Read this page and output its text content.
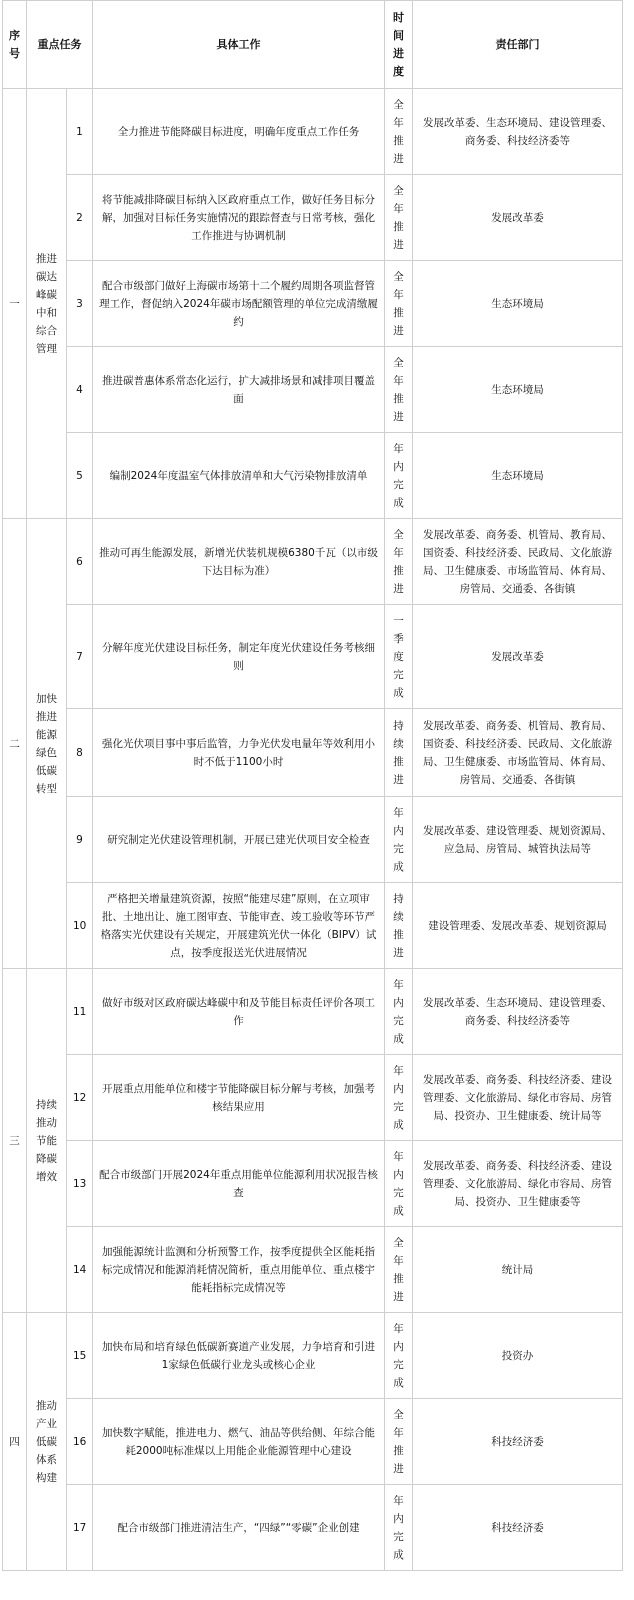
序号	重点任务		具体工作	时间进度	责任部门
一	推进碳达峰碳中和综合管理	1	全力推进节能降碳目标进度，明确年度重点工作任务	全年推进	发展改革委、生态环境局、建设管理委、商务委、科技经济委等
		2	将节能减排降碳目标纳入区政府重点工作，做好任务目标分解，加强对目标任务实施情况的跟踪督查与日常考核，强化工作推进与协调机制	全年推进	发展改革委
		3	配合市级部门做好上海碳市场第十二个履约周期各项监督管理工作，督促纳入2024年碳市场配额管理的单位完成清缴履约	全年推进	生态环境局
		4	推进碳普惠体系常态化运行，扩大减排场景和减排项目覆盖面	全年推进	生态环境局
		5	编制2024年度温室气体排放清单和大气污染物排放清单	年内完成	生态环境局
二	加快推进能源绿色低碳转型	6	推动可再生能源发展，新增光伏装机规模6380千瓦（以市级下达目标为准）	全年推进	发展改革委、商务委、机管局、教育局、国资委、科技经济委、民政局、文化旅游局、卫生健康委、市场监管局、体育局、房管局、交通委、各街镇
		7	分解年度光伏建设目标任务，制定年度光伏建设任务考核细则	一季度完成	发展改革委
		8	强化光伏项目事中事后监管，力争光伏发电量年等效利用小时不低于1100小时	持续推进	发展改革委、商务委、机管局、教育局、国资委、科技经济委、民政局、文化旅游局、卫生健康委、市场监管局、体育局、房管局、交通委、各街镇
		9	研究制定光伏建设管理机制，开展已建光伏项目安全检查	年内完成	发展改革委、建设管理委、规划资源局、应急局、房管局、城管执法局等
		10	严格把关增量建筑资源，按照“能建尽建”原则，在立项审批、土地出让、施工图审查、节能审查、竣工验收等环节严格落实光伏建设有关规定，开展建筑光伏一体化（BIPV）试点，按季度报送光伏进展情况	持续推进	建设管理委、发展改革委、规划资源局
三	持续推动节能降碳增效	11	做好市级对区政府碳达峰碳中和及节能目标责任评价各项工作	年内完成	发展改革委、生态环境局、建设管理委、商务委、科技经济委等
		12	开展重点用能单位和楼宇节能降碳目标分解与考核，加强考核结果应用	年内完成	发展改革委、商务委、科技经济委、建设管理委、文化旅游局、绿化市容局、房管局、投资办、卫生健康委、统计局等
		13	配合市级部门开展2024年重点用能单位能源利用状况报告核查	年内完成	发展改革委、商务委、科技经济委、建设管理委、文化旅游局、绿化市容局、房管局、投资办、卫生健康委等
		14	加强能源统计监测和分析预警工作，按季度提供全区能耗指标完成情况和能源消耗情况简析，重点用能单位、重点楼宇能耗指标完成情况等	全年推进	统计局
四	推动产业低碳体系构建	15	加快布局和培育绿色低碳新赛道产业发展，力争培育和引进1家绿色低碳行业龙头或核心企业	年内完成	投资办
		16	加快数字赋能，推进电力、燃气、油品等供给侧、年综合能耗2000吨标准煤以上用能企业能源管理中心建设	全年推进	科技经济委
		17	配合市级部门推进清洁生产，“四绿”“零碳”企业创建	年内完成	科技经济委
